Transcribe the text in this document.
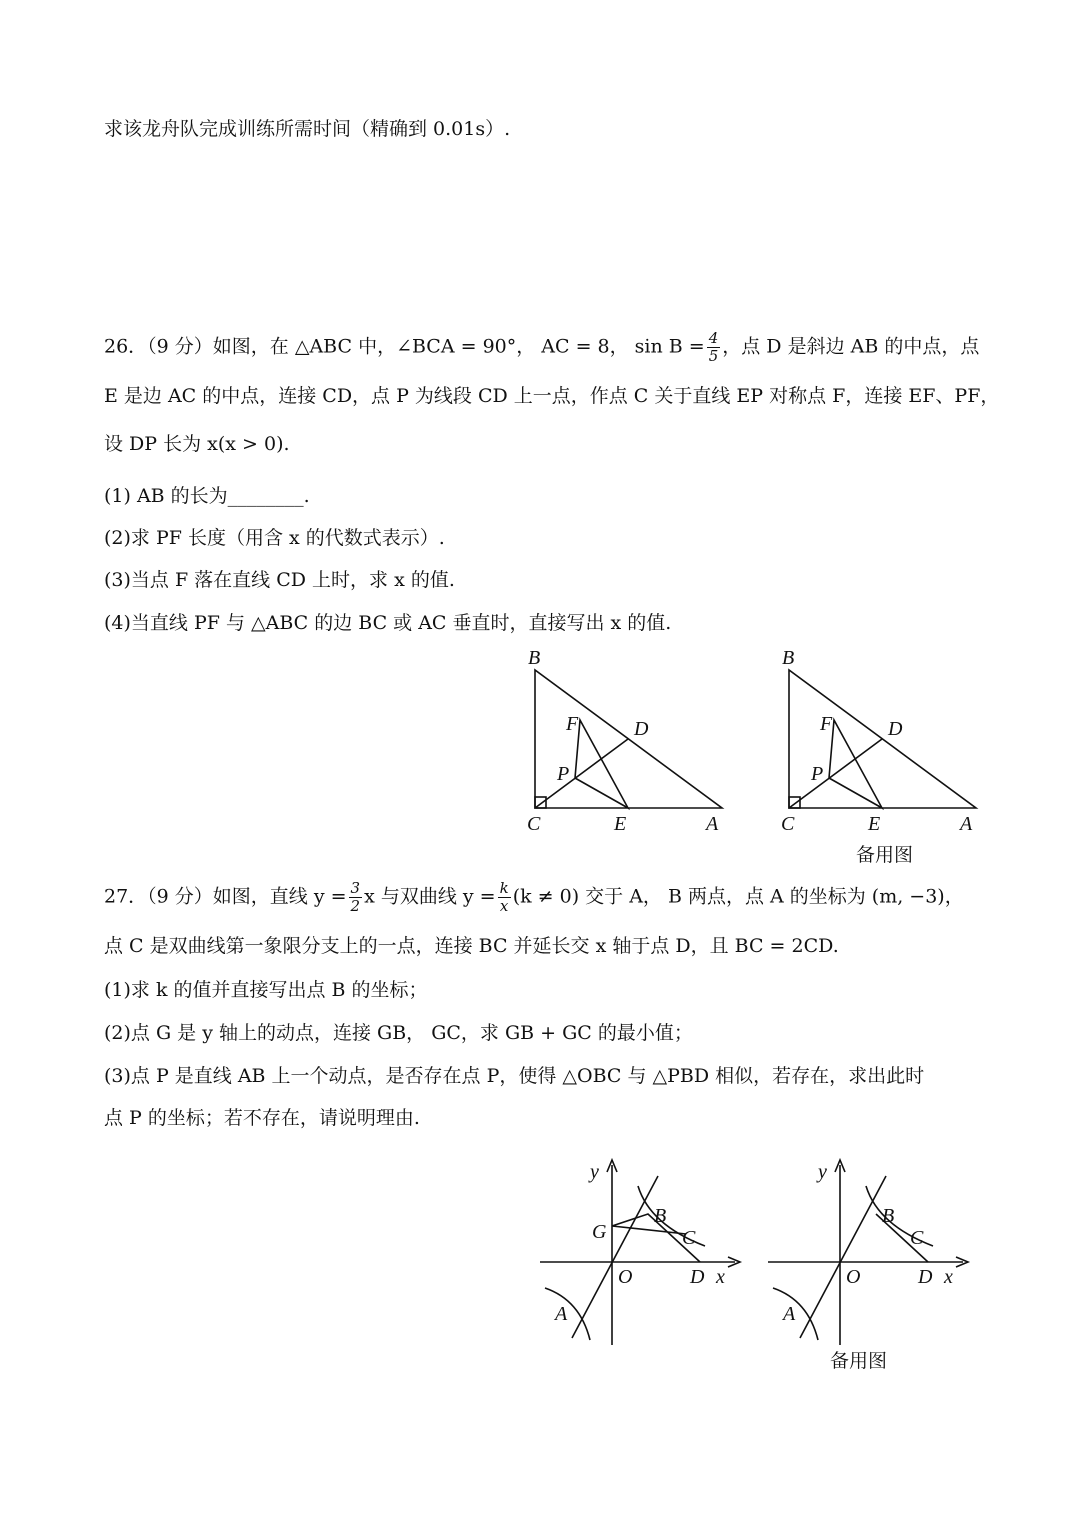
求该龙舟队完成训练所需时间（精确到 0.01s）.
26．（9 分）如图，在 △ABC 中，∠BCA = 90°， AC = 8， $\sin B = \frac{4}{5}$ ，点 D 是斜边 AB 的中点，点
E 是边 AC 的中点，连接 CD，点 P 为线段 CD 上一点，作点 C 关于直线 EP 对称点 F，连接 EF、PF，
设 DP 长为 x(x > 0).
(1) AB 的长为________.
(2)求 PF 长度（用含 x 的代数式表示）.
(3)当点 F 落在直线 CD 上时，求 x 的值.
(4)当直线 PF 与 △ABC 的边 BC 或 AC 垂直时，直接写出 x 的值.
27．（9 分）如图，直线 $y = \frac{3}{2}$ x 与双曲线 $y = \frac{k}{x} (k \ne 0)$ 交于 A， B 两点，点 A 的坐标为 (m, −3)，
点 C 是双曲线第一象限分支上的一点，连接 BC 并延长交 x 轴于点 D，且 BC = 2CD.
(1)求 k 的值并直接写出点 B 的坐标；
(2)点 G 是 y 轴上的动点，连接 GB， GC，求 GB + GC 的最小值；
(3)点 P 是直线 AB 上一个动点，是否存在点 P，使得 △OBC 与 △PBD 相似，若存在，求出此时
点 P 的坐标；若不存在，请说明理由.
B
C	A
D
E
F
P
B
C	A
D
E
F
P
y
x
O
A
B
C
D
G
y
x
O
A
B
C
D
备用图
备用图
